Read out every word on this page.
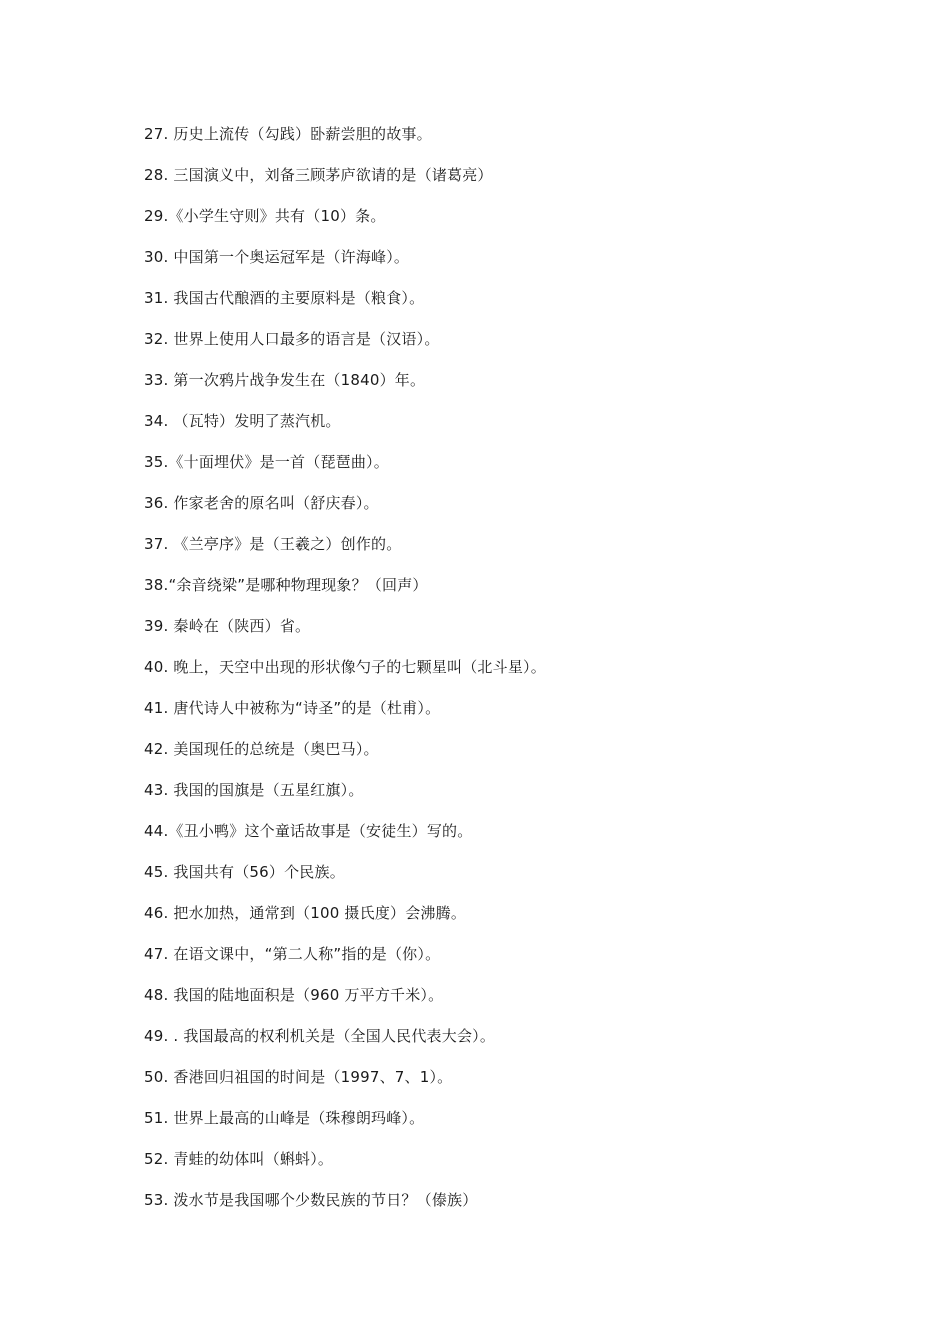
27. 历史上流传（勾践）卧薪尝胆的故事。
28. 三国演义中，刘备三顾茅庐欲请的是（诸葛亮）
29.《小学生守则》共有（10）条。
30. 中国第一个奥运冠军是（许海峰）。
31. 我国古代酿酒的主要原料是（粮食）。
32. 世界上使用人口最多的语言是（汉语）。
33. 第一次鸦片战争发生在（1840）年。
34. （瓦特）发明了蒸汽机。
35.《十面埋伏》是一首（琵琶曲）。
36. 作家老舍的原名叫（舒庆春）。
37. 《兰亭序》是（王羲之）创作的。
38.“余音绕梁”是哪种物理现象？（回声）
39. 秦岭在（陕西）省。
40. 晚上，天空中出现的形状像勺子的七颗星叫（北斗星）。
41. 唐代诗人中被称为“诗圣”的是（杜甫）。
42. 美国现任的总统是（奥巴马）。
43. 我国的国旗是（五星红旗）。
44.《丑小鸭》这个童话故事是（安徒生）写的。
45. 我国共有（56）个民族。
46. 把水加热，通常到（100 摄氏度）会沸腾。
47. 在语文课中，“第二人称”指的是（你）。
48. 我国的陆地面积是（960 万平方千米）。
49. . 我国最高的权利机关是（全国人民代表大会）。
50. 香港回归祖国的时间是（1997、7、1）。
51. 世界上最高的山峰是（珠穆朗玛峰）。
52. 青蛙的幼体叫（蝌蚪）。
53. 泼水节是我国哪个少数民族的节日？（傣族）
